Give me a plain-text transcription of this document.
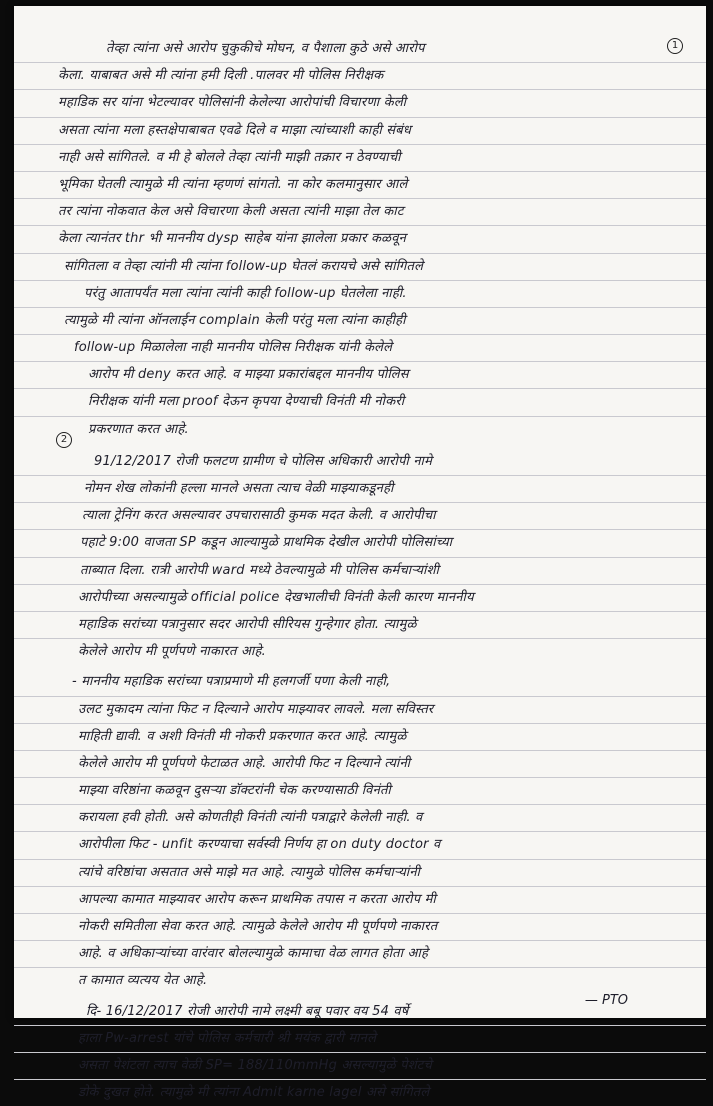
1
2

तेव्हा त्यांना असे आरोप चुकुकीचे मोघन, व पैशाला कुठे असे आरोप

केला. याबाबत असे मी त्यांना हमी दिली .पालवर मी पोलिस निरीक्षक

महाडिक सर यांना भेटल्यावर पोलिसांनी केलेल्या आरोपांची विचारणा केली

असता त्यांना मला हस्तक्षेपाबाबत एवढे दिले व माझा त्यांच्याशी काही संबंध

नाही असे सांगितले. व मी हे बोलले तेव्हा त्यांनी माझी तक्रार न ठेवण्याची

भूमिका घेतली त्यामुळे मी त्यांना म्हणणं सांगतो. ना कोर कलमानुसार आले

तर त्यांना नोकवात केल असे विचारणा केली असता त्यांनी माझा तेल काट

केला त्यानंतर thr भी माननीय dysp साहेब यांना झालेला प्रकार कळवून

सांगितला व तेव्हा त्यांनी मी त्यांना follow-up घेतलं करायचे असे सांगितले

परंतु आतापर्यंत मला त्यांना त्यांनी काही follow-up घेतलेला नाही.

त्यामुळे मी त्यांना ऑनलाईन complain केली परंतु मला त्यांना काहीही

follow-up मिळालेला नाही माननीय पोलिस निरीक्षक यांनी केलेले

आरोप मी deny करत आहे. व माझ्या प्रकारांबद्दल माननीय पोलिस

निरीक्षक यांनी मला proof देऊन कृपया देण्याची विनंती मी नोकरी

प्रकरणात करत आहे.

91/12/2017 रोजी फलटण ग्रामीण चे पोलिस अधिकारी आरोपी नामे

नोमन शेख लोकांनी हल्ला मानले असता त्याच वेळी माझ्याकडूनही

त्याला ट्रेनिंग करत असल्यावर उपचारासाठी कुमक मदत केली. व आरोपीचा

पहाटे 9:00 वाजता SP कडून आल्यामुळे प्राथमिक देखील आरोपी पोलिसांच्या

ताब्यात दिला. रात्री आरोपी ward मध्ये ठेवल्यामुळे मी पोलिस कर्मचाऱ्यांशी

आरोपीच्या असल्यामुळे official police देखभालीची विनंती केली कारण माननीय

महाडिक सरांच्या पत्रानुसार सदर आरोपी सीरियस गुन्हेगार होता. त्यामुळे

केलेले आरोप मी पूर्णपणे नाकारत आहे.

- माननीय महाडिक सरांच्या पत्राप्रमाणे मी हलगर्जी पणा केली नाही,

उलट मुकादम त्यांना फिट न दिल्याने आरोप माझ्यावर लावले. मला सविस्तर

माहिती द्यावी. व अशी विनंती मी नोकरी प्रकरणात करत आहे. त्यामुळे

केलेले आरोप मी पूर्णपणे फेटाळत आहे. आरोपी फिट न दिल्याने त्यांनी

माझ्या वरिष्ठांना कळवून दुसऱ्या डॉक्टरांनी चेक करण्यासाठी विनंती

करायला हवी होती. असे कोणतीही विनंती त्यांनी पत्राद्वारे केलेली नाही. व

आरोपीला फिट - unfit करण्याचा सर्वस्वी निर्णय हा on duty doctor व

त्यांचे वरिष्ठांचा असतात असे माझे मत आहे. त्यामुळे पोलिस कर्मचाऱ्यांनी

आपल्या कामात माझ्यावर आरोप करून प्राथमिक तपास न करता आरोप मी

नोकरी समितीला सेवा करत आहे. त्यामुळे केलेले आरोप मी पूर्णपणे नाकारत

आहे. व अधिकाऱ्यांच्या वारंवार बोलल्यामुळे कामाचा वेळ लागत होता आहे

त कामात व्यत्यय येत आहे.

दि- 16/12/2017 रोजी आरोपी नामे लक्ष्मी बबू पवार वय 54 वर्षे

हाला Pw-arrest यांचे पोलिस कर्मचारी श्री मयंक द्वारी मानले

असता पेशंटला त्याच वेळी SP= 188/110mmHg असल्यामुळे पेशंटचे

डोके दुखत होते. त्यामुळे मी त्यांना Admit karne lagel असे सांगितले

— PTO
